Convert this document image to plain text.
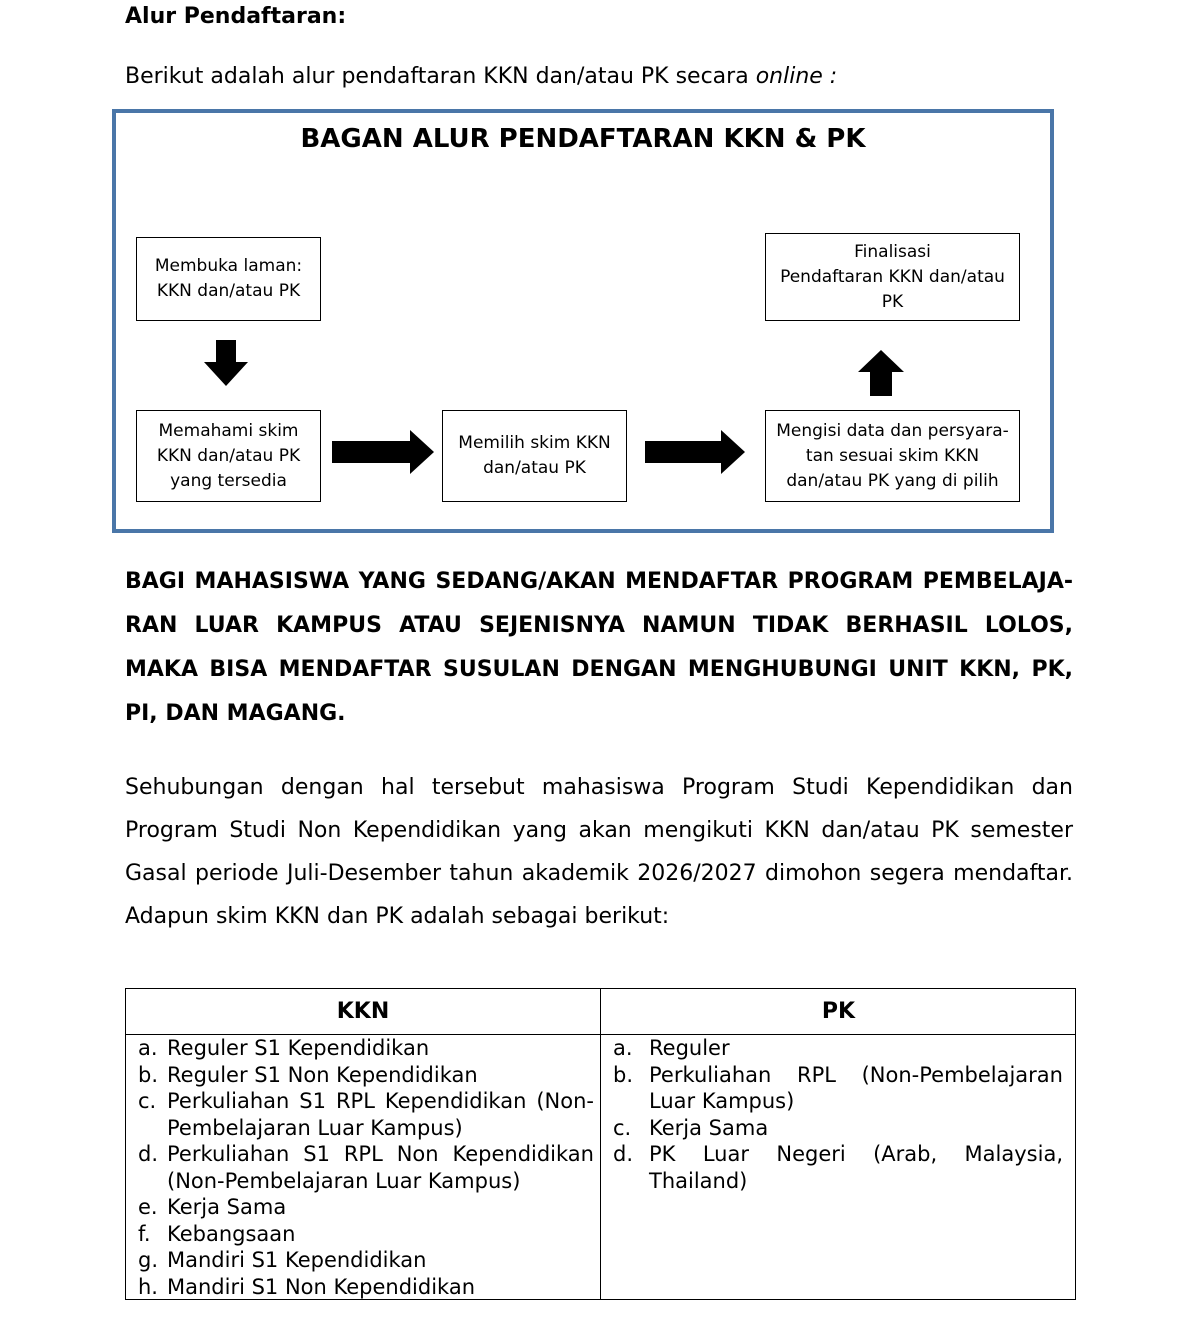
Alur Pendaftaran:
Berikut adalah alur pendaftaran KKN dan/atau PK secara online :
BAGAN ALUR PENDAFTARAN KKN & PK
Membuka laman:
KKN dan/atau PK
Memahami skim
KKN dan/atau PK
yang tersedia
Memilih skim KKN
dan/atau PK
Mengisi data dan persyara-
tan sesuai skim KKN
dan/atau PK yang di pilih
Finalisasi
Pendaftaran KKN dan/atau
PK
BAGI MAHASISWA YANG SEDANG/AKAN MENDAFTAR PROGRAM PEMBELAJA-RAN LUAR KAMPUS ATAU SEJENISNYA NAMUN TIDAK BERHASIL LOLOS, MAKA BISA MENDAFTAR SUSULAN DENGAN MENGHUBUNGI UNIT KKN, PK, PI, DAN MAGANG.
Sehubungan dengan hal tersebut mahasiswa Program Studi Kependidikan dan Program Studi Non Kependidikan yang akan mengikuti KKN dan/atau PK semester Gasal periode Juli-Desember tahun akademik 2026/2027 dimohon segera mendaftar. Adapun skim KKN dan PK adalah sebagai berikut:
KKN	PK
a. Reguler S1 Kependidikan
b. Reguler S1 Non Kependidikan
c. Perkuliahan S1 RPL Kependidikan (Non-Pembelajaran Luar Kampus)
d. Perkuliahan S1 RPL Non Kependidikan (Non-Pembelajaran Luar Kampus)
e. Kerja Sama
f. Kebangsaan
g. Mandiri S1 Kependidikan
h. Mandiri S1 Non Kependidikan
a. Reguler
b. Perkuliahan RPL (Non-Pembelajaran Luar Kampus)
c. Kerja Sama
d. PK Luar Negeri (Arab, Malaysia, Thailand)
